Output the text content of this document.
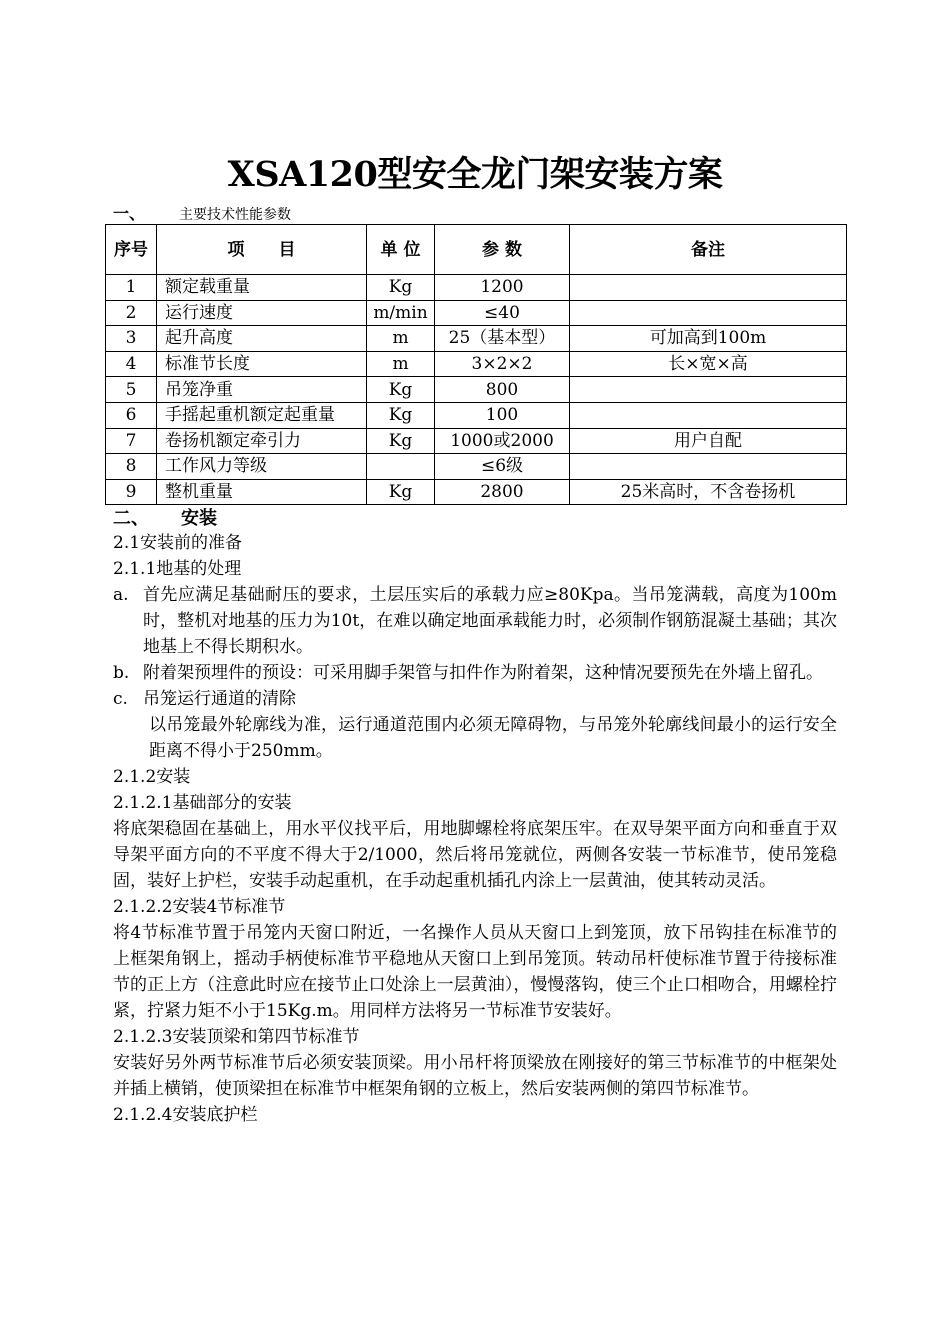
XSA120型安全龙门架安装方案
一、 主要技术性能参数
序号	项　　目	单 位	参 数	备注
1	额定载重量	Kg	1200	
2	运行速度	m/min	≤40	
3	起升高度	m	25（基本型）	可加高到100m
4	标准节长度	m	3×2×2	长×宽×高
5	吊笼净重	Kg	800	
6	手摇起重机额定起重量	Kg	100	
7	卷扬机额定牵引力	Kg	1000或2000	用户自配
8	工作风力等级		≤6级	
9	整机重量	Kg	2800	25米高时，不含卷扬机
二、 安装

2.1安装前的准备

2.1.1地基的处理

a. 首先应满足基础耐压的要求，土层压实后的承载力应≥80Kpa。当吊笼满载，高度为100m时，整机对地基的压力为10t，在难以确定地面承载能力时，必须制作钢筋混凝土基础；其次地基上不得长期积水。

b. 附着架预埋件的预设：可采用脚手架管与扣件作为附着架，这种情况要预先在外墙上留孔。

c. 吊笼运行通道的清除

以吊笼最外轮廓线为准，运行通道范围内必须无障碍物，与吊笼外轮廓线间最小的运行安全距离不得小于250mm。

2.1.2安装

2.1.2.1基础部分的安装

将底架稳固在基础上，用水平仪找平后，用地脚螺栓将底架压牢。在双导架平面方向和垂直于双导架平面方向的不平度不得大于2/1000，然后将吊笼就位，两侧各安装一节标准节，使吊笼稳固，装好上护栏，安装手动起重机，在手动起重机插孔内涂上一层黄油，使其转动灵活。

2.1.2.2安装4节标准节

将4节标准节置于吊笼内天窗口附近，一名操作人员从天窗口上到笼顶，放下吊钩挂在标准节的上框架角钢上，摇动手柄使标准节平稳地从天窗口上到吊笼顶。转动吊杆使标准节置于待接标准节的正上方（注意此时应在接节止口处涂上一层黄油），慢慢落钩，使三个止口相吻合，用螺栓拧紧，拧紧力矩不小于15Kg.m。用同样方法将另一节标准节安装好。

2.1.2.3安装顶梁和第四节标准节

安装好另外两节标准节后必须安装顶梁。用小吊杆将顶梁放在刚接好的第三节标准节的中框架处并插上横销，使顶梁担在标准节中框架角钢的立板上，然后安装两侧的第四节标准节。

2.1.2.4安装底护栏
